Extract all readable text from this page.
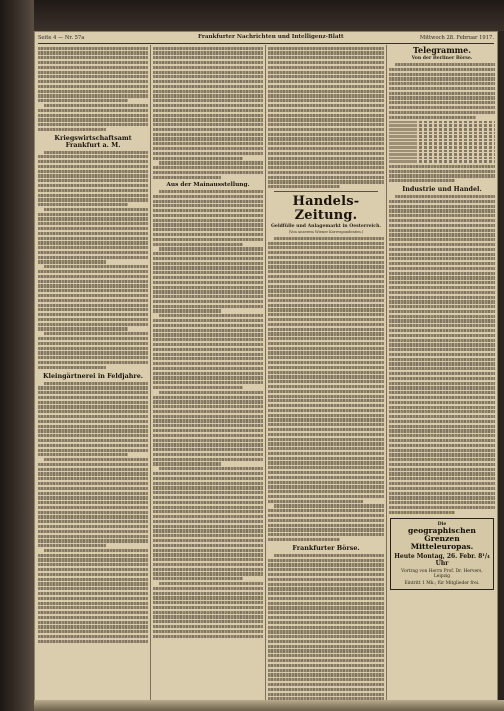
Seite 4 — Nr. 57a	Frankfurter Nachrichten und Intelligenz-Blatt	Mittwoch 28. Februar 1917.
Kriegswirtschaftsamt Frankfurt a. M.
Kleingärtnerei in Feldjahre.
Aus der Mainausstellung.
Handels-Zeitung.
Geldfülle und Anlagemarkt in Oesterreich.
(Von unserem Wiener Korrespondenten.)
Frankfurter Börse.
Telegramme.
Von der Berliner Börse.
Industrie und Handel.
Die
geographischen Grenzen
Mitteleuropas.
Heute Montag, 26. Febr. 8¹/₄ Uhr
Vortrag von Herrn Prof. Dr. Hervers, Leipzig
Eintritt 1 Mk.; für Mitglieder frei.
